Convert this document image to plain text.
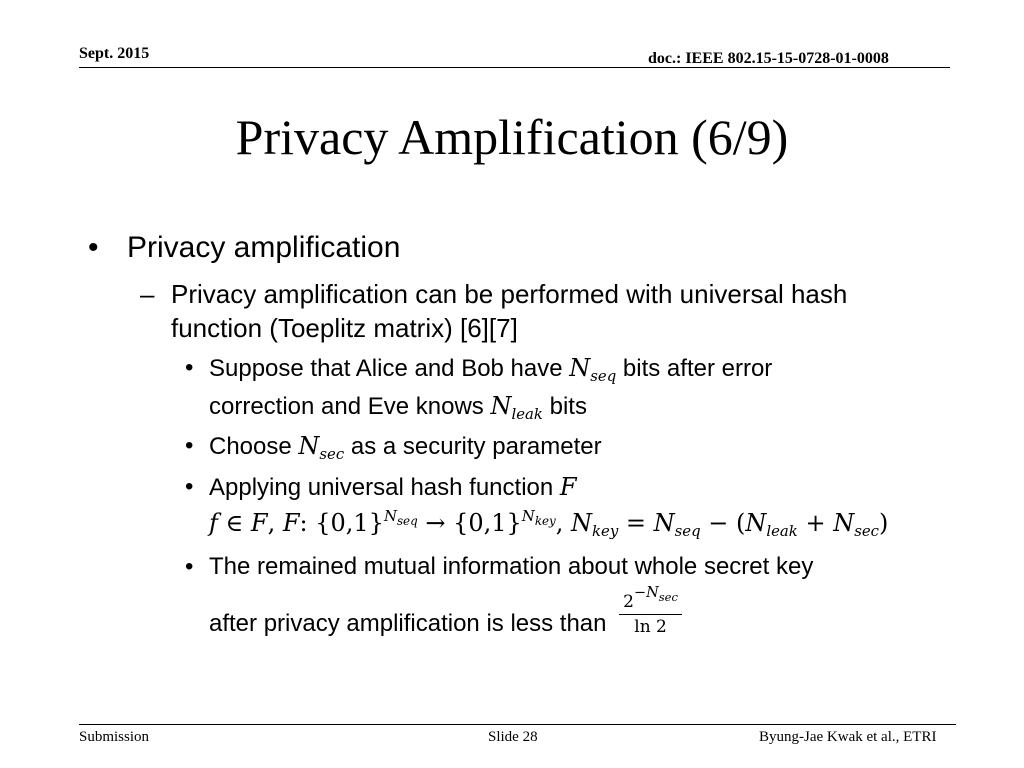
Sept. 2015	doc.: IEEE 802.15-15-0728-01-0008
Privacy Amplification (6/9)
• Privacy amplification
– Privacy amplification can be performed with universal hash
function (Toeplitz matrix) [6][7]
• Suppose that Alice and Bob have $N_{seq}$ bits after error
correction and Eve knows $N_{leak}$ bits
• Choose $N_{sec}$ as a security parameter
• Applying universal hash function F
f ∈ F, F: $\{0,1\}^{N_{seq}} \to \{0,1\}^{N_{key}}$, $N_{key} = N_{seq} - (N_{leak} + N_{sec})$
• The remained mutual information about whole secret key
after privacy amplification is less than $\frac{2^{-N_{sec}}}{\ln 2}$
Submission	Slide 28	Byung-Jae Kwak et al., ETRI
